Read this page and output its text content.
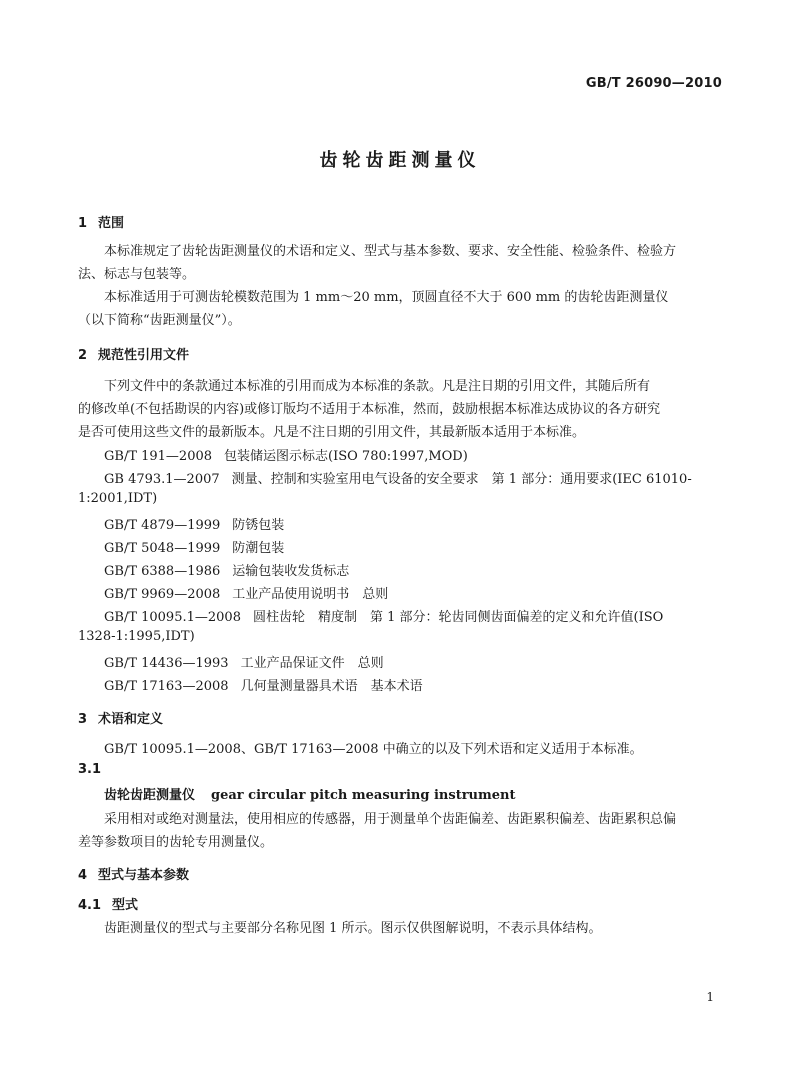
GB/T 26090—2010
齿轮齿距测量仪
1 范围
本标准规定了齿轮齿距测量仪的术语和定义、型式与基本参数、要求、安全性能、检验条件、检验方
法、标志与包装等。
本标准适用于可测齿轮模数范围为 1 mm～20 mm，顶圆直径不大于 600 mm 的齿轮齿距测量仪
（以下简称“齿距测量仪”）。
2 规范性引用文件
下列文件中的条款通过本标准的引用而成为本标准的条款。凡是注日期的引用文件，其随后所有
的修改单(不包括勘误的内容)或修订版均不适用于本标准，然而，鼓励根据本标准达成协议的各方研究
是否可使用这些文件的最新版本。凡是不注日期的引用文件，其最新版本适用于本标准。
GB/T 191—2008 包装储运图示标志(ISO 780:1997,MOD)
GB 4793.1—2007 测量、控制和实验室用电气设备的安全要求　第 1 部分：通用要求(IEC 61010-
1:2001,IDT)
GB/T 4879—1999 防锈包装
GB/T 5048—1999 防潮包装
GB/T 6388—1986 运输包装收发货标志
GB/T 9969—2008 工业产品使用说明书　总则
GB/T 10095.1—2008 圆柱齿轮　精度制　第 1 部分：轮齿同侧齿面偏差的定义和允许值(ISO
1328-1:1995,IDT)
GB/T 14436—1993 工业产品保证文件　总则
GB/T 17163—2008 几何量测量器具术语　基本术语
3 术语和定义
GB/T 10095.1—2008、GB/T 17163—2008 中确立的以及下列术语和定义适用于本标准。
3.1
齿轮齿距测量仪 gear circular pitch measuring instrument
采用相对或绝对测量法，使用相应的传感器，用于测量单个齿距偏差、齿距累积偏差、齿距累积总偏
差等参数项目的齿轮专用测量仪。
4 型式与基本参数
4.1 型式
齿距测量仪的型式与主要部分名称见图 1 所示。图示仅供图解说明，不表示具体结构。
1
